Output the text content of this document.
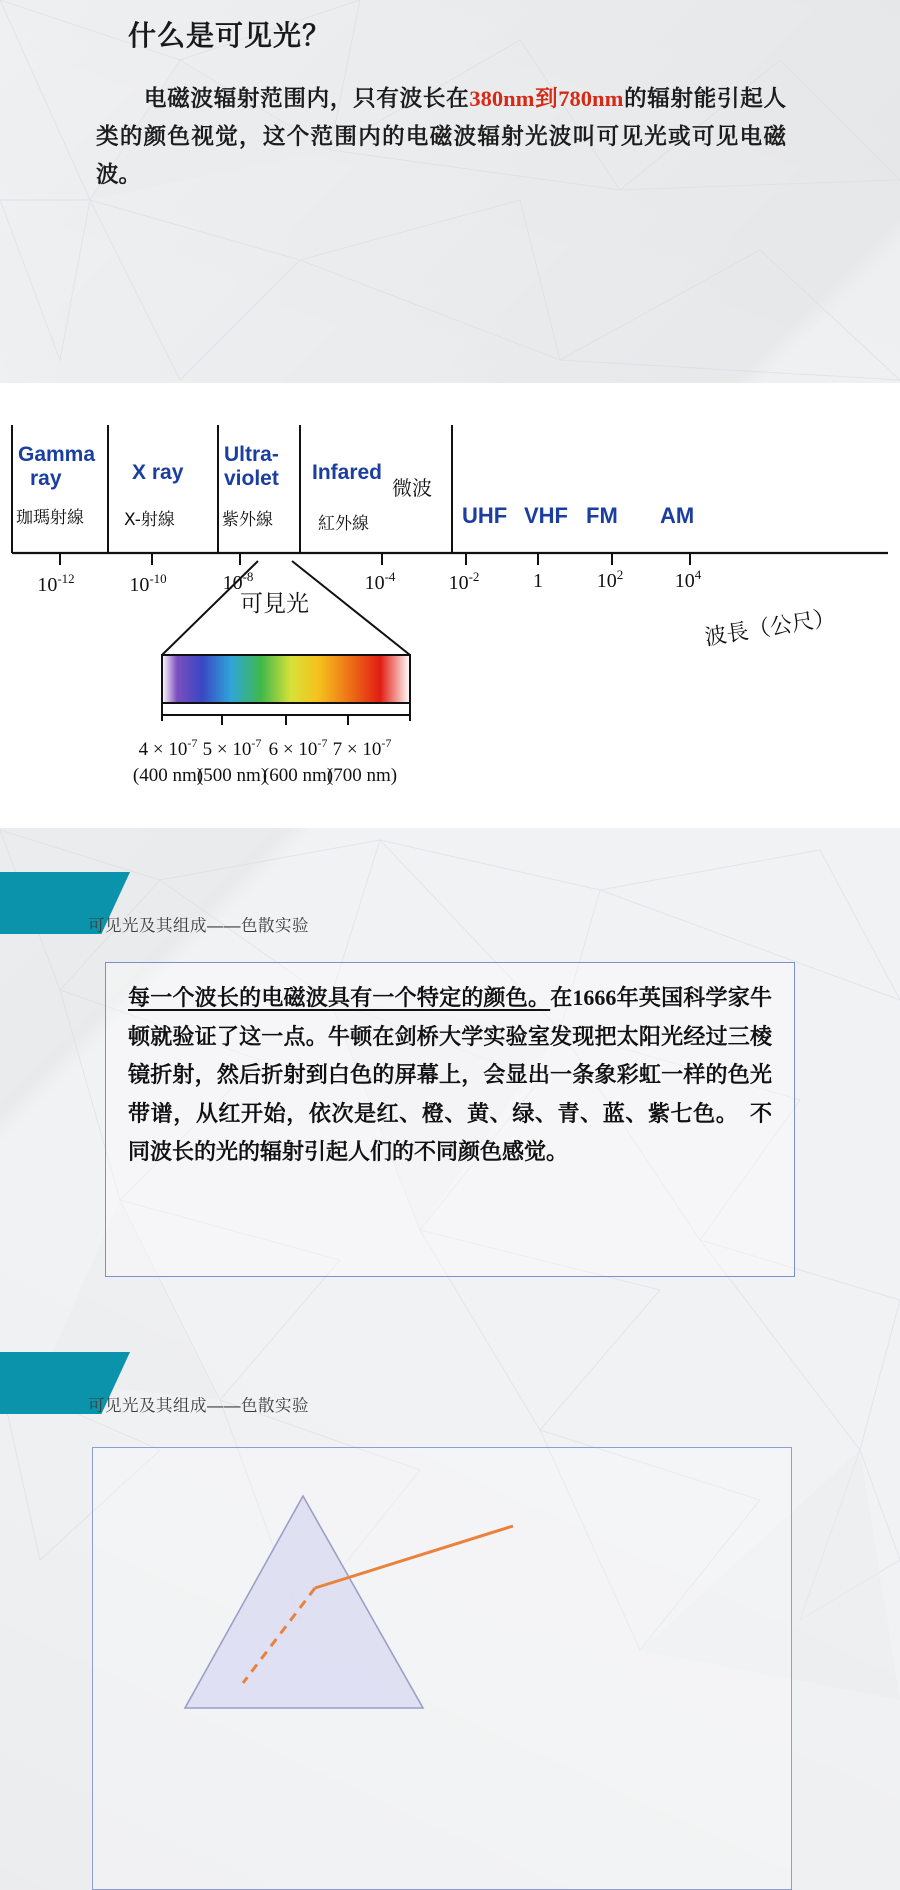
什么是可见光？
电磁波辐射范围内，只有波长在380nm到780nm的辐射能引起人类的颜色视觉，这个范围内的电磁波辐射光波叫可见光或可见电磁波。
Gamma
ray	X ray
Ultra-
violet Infared
UHF VHF FM AM
珈瑪射線 X-射線	紫外線	紅外線
微波
$10^{-12}$	$10^{-10}$	$10^{-8}$	$10^{-4}$	$10^{-2}$	1	$10^2$	$10^4$
波長（公尺）
可見光
$4 \times 10^{-7}$ $5 \times 10^{-7}$ $6 \times 10^{-7}$ $7 \times 10^{-7}$
(400 nm)
(500 nm)
(600 nm)
(700 nm)
可见光及其组成——色散实验

每一个波长的电磁波具有一个特定的颜色。在1666年英国科学家牛顿就验证了这一点。牛顿在剑桥大学实验室发现把太阳光经过三棱镜折射，然后折射到白色的屏幕上，会显出一条象彩虹一样的色光带谱，从红开始，依次是红、橙、黄、绿、青、蓝、紫七色。　不同波长的光的辐射引起人们的不同颜色感觉。

可见光及其组成——色散实验
